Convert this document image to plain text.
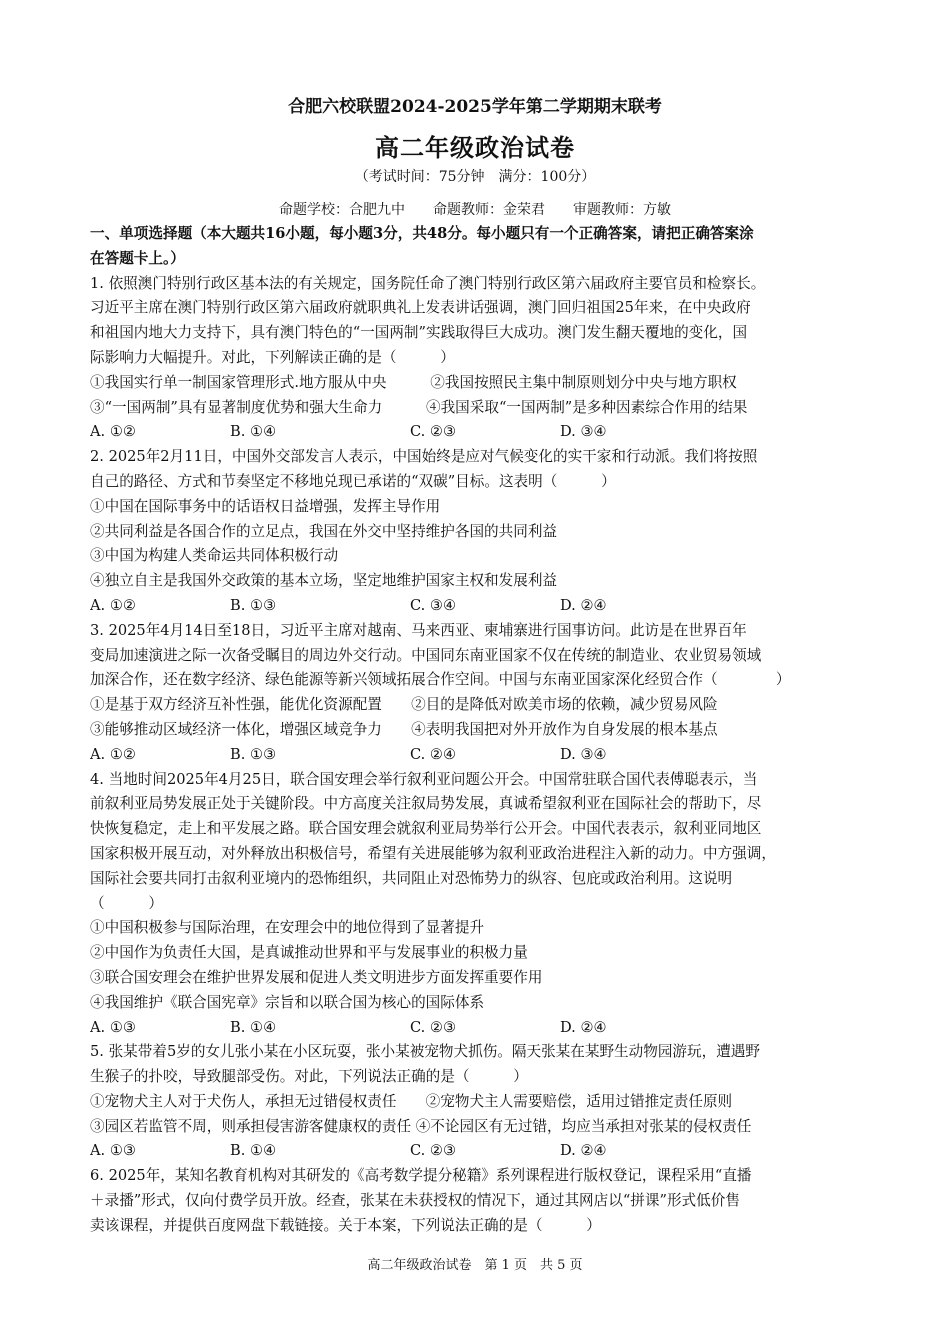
合肥六校联盟2024-2025学年第二学期期末联考
高二年级政治试卷
（考试时间：75分钟　满分：100分）
命题学校：合肥九中　　命题教师：金荣君　　审题教师：方敏
一、单项选择题（本大题共16小题，每小题3分，共48分。每小题只有一个正确答案，请把正确答案涂
在答题卡上。）
1. 依照澳门特别行政区基本法的有关规定，国务院任命了澳门特别行政区第六届政府主要官员和检察长。
习近平主席在澳门特别行政区第六届政府就职典礼上发表讲话强调，澳门回归祖国25年来，在中央政府
和祖国内地大力支持下，具有澳门特色的“一国两制”实践取得巨大成功。澳门发生翻天覆地的变化，国
际影响力大幅提升。对此，下列解读正确的是（　　　）
①我国实行单一制国家管理形式.地方服从中央　　　②我国按照民主集中制原则划分中央与地方职权
③“一国两制”具有显著制度优势和强大生命力　　　④我国采取“一国两制”是多种因素综合作用的结果
A. ①②	B. ①④	C. ②③	D. ③④
2. 2025年2月11日，中国外交部发言人表示，中国始终是应对气候变化的实干家和行动派。我们将按照
自己的路径、方式和节奏坚定不移地兑现已承诺的“双碳”目标。这表明（　　　）
①中国在国际事务中的话语权日益增强，发挥主导作用
②共同利益是各国合作的立足点，我国在外交中坚持维护各国的共同利益
③中国为构建人类命运共同体积极行动
④独立自主是我国外交政策的基本立场，坚定地维护国家主权和发展利益
A. ①②	B. ①③	C. ③④	D. ②④
3. 2025年4月14日至18日，习近平主席对越南、马来西亚、柬埔寨进行国事访问。此访是在世界百年
变局加速演进之际一次备受瞩目的周边外交行动。中国同东南亚国家不仅在传统的制造业、农业贸易领域
加深合作，还在数字经济、绿色能源等新兴领域拓展合作空间。中国与东南亚国家深化经贸合作（　　　　）
①是基于双方经济互补性强，能优化资源配置　　②目的是降低对欧美市场的依赖，减少贸易风险
③能够推动区域经济一体化，增强区域竞争力　　④表明我国把对外开放作为自身发展的根本基点
A. ①②	B. ①③	C. ②④	D. ③④
4. 当地时间2025年4月25日，联合国安理会举行叙利亚问题公开会。中国常驻联合国代表傅聪表示，当
前叙利亚局势发展正处于关键阶段。中方高度关注叙局势发展，真诚希望叙利亚在国际社会的帮助下，尽
快恢复稳定，走上和平发展之路。联合国安理会就叙利亚局势举行公开会。中国代表表示，叙利亚同地区
国家积极开展互动，对外释放出积极信号，希望有关进展能够为叙利亚政治进程注入新的动力。中方强调，
国际社会要共同打击叙利亚境内的恐怖组织，共同阻止对恐怖势力的纵容、包庇或政治利用。这说明
（　　　）
①中国积极参与国际治理，在安理会中的地位得到了显著提升
②中国作为负责任大国，是真诚推动世界和平与发展事业的积极力量
③联合国安理会在维护世界发展和促进人类文明进步方面发挥重要作用
④我国维护《联合国宪章》宗旨和以联合国为核心的国际体系
A. ①③	B. ①④	C. ②③	D. ②④
5. 张某带着5岁的女儿张小某在小区玩耍，张小某被宠物犬抓伤。隔天张某在某野生动物园游玩，遭遇野
生猴子的扑咬，导致腿部受伤。对此，下列说法正确的是（　　　）
①宠物犬主人对于犬伤人，承担无过错侵权责任　　②宠物犬主人需要赔偿，适用过错推定责任原则
③园区若监管不周，则承担侵害游客健康权的责任 ④不论园区有无过错，均应当承担对张某的侵权责任
A. ①③	B. ①④	C. ②③	D. ②④
6. 2025年，某知名教育机构对其研发的《高考数学提分秘籍》系列课程进行版权登记，课程采用“直播
＋录播”形式，仅向付费学员开放。经查，张某在未获授权的情况下，通过其网店以“拼课”形式低价售
卖该课程，并提供百度网盘下载链接。关于本案，下列说法正确的是（　　　）
高二年级政治试卷　第 1 页　共 5 页
